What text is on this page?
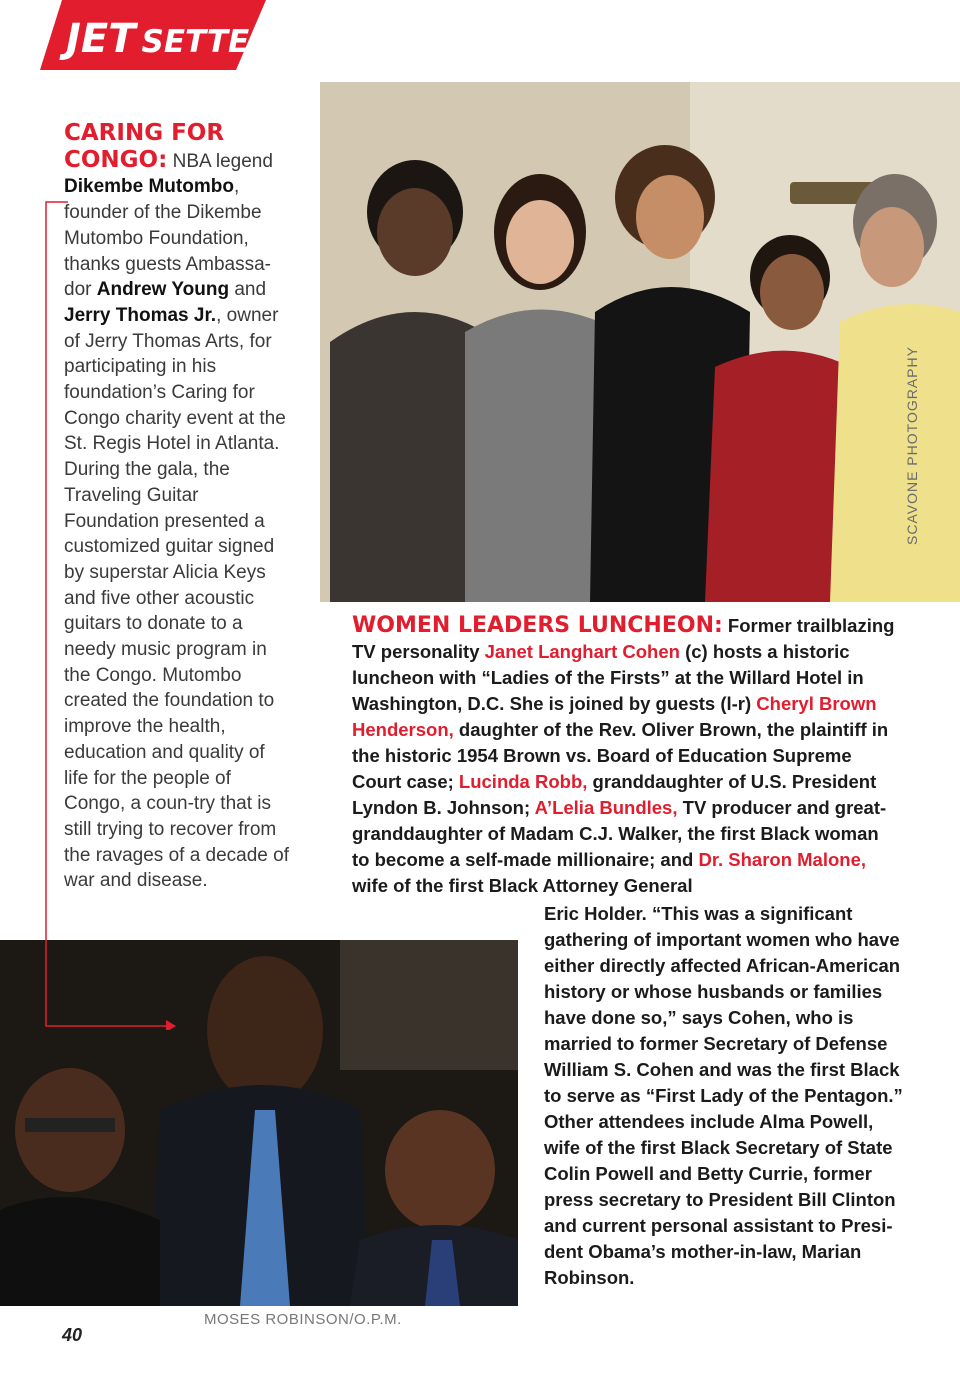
JET SETTERS
SCAVONE PHOTOGRAPHY
MOSES ROBINSON/O.P.M.
CARING FOR CONGO: NBA legend Dikembe Mutombo, founder of the Dikembe Mutombo Foundation, thanks guests Ambassa-dor Andrew Young and Jerry Thomas Jr., owner of Jerry Thomas Arts, for participating in his foundation’s Caring for Congo charity event at the St. Regis Hotel in Atlanta. During the gala, the Traveling Guitar Foundation presented a customized guitar signed by superstar Alicia Keys and five other acoustic guitars to donate to a needy music program in the Congo. Mutombo created the foundation to improve the health, education and quality of life for the people of Congo, a coun-try that is still trying to recover from the ravages of a decade of war and disease.
WOMEN LEADERS LUNCHEON: Former trailblazing TV personality Janet Langhart Cohen (c) hosts a historic luncheon with “Ladies of the Firsts” at the Willard Hotel in Washington, D.C. She is joined by guests (l-r) Cheryl Brown Henderson, daughter of the Rev. Oliver Brown, the plaintiff in the historic 1954 Brown vs. Board of Education Supreme Court case; Lucinda Robb, granddaughter of U.S. President Lyndon B. Johnson; A’Lelia Bundles, TV producer and great-granddaughter of Madam C.J. Walker, the first Black woman to become a self-made millionaire; and Dr. Sharon Malone, wife of the first Black Attorney General
Eric Holder. “This was a significant gathering of important women who have either directly affected African-American history or whose husbands or families have done so,” says Cohen, who is married to former Secretary of Defense William S. Cohen and was the first Black to serve as “First Lady of the Pentagon.” Other attendees include Alma Powell, wife of the first Black Secretary of State Colin Powell and Betty Currie, former press secretary to President Bill Clinton and current personal assistant to Presi-dent Obama’s mother-in-law, Marian Robinson.
40
